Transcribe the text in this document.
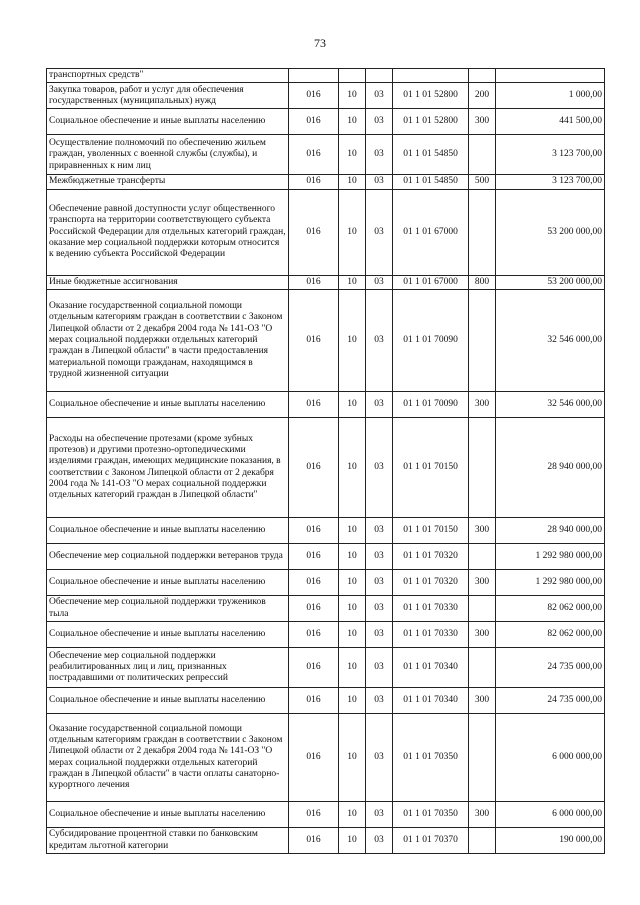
73
транспортных средств"						
Закупка товаров, работ и услуг для обеспечения государственных (муниципальных) нужд	016	10	03	01 1 01 52800	200	1 000,00
Социальное обеспечение и иные выплаты населению	016	10	03	01 1 01 52800	300	441 500,00
Осуществление полномочий по обеспечению жильем граждан, уволенных с военной службы (службы), и приравненных к ним лиц	016	10	03	01 1 01 54850		3 123 700,00
Межбюджетные трансферты	016	10	03	01 1 01 54850	500	3 123 700,00
Обеспечение равной доступности услуг общественного транспорта на территории соответствующего субъекта Российской Федерации для отдельных категорий граждан, оказание мер социальной поддержки которым относится к ведению субъекта Российской Федерации	016	10	03	01 1 01 67000		53 200 000,00
Иные бюджетные ассигнования	016	10	03	01 1 01 67000	800	53 200 000,00
Оказание государственной социальной помощи отдельным категориям граждан в соответствии с Законом Липецкой области от 2 декабря 2004 года № 141-ОЗ "О мерах социальной поддержки отдельных категорий граждан в Липецкой области" в части предоставления материальной помощи гражданам, находящимся в трудной жизненной ситуации	016	10	03	01 1 01 70090		32 546 000,00
Социальное обеспечение и иные выплаты населению	016	10	03	01 1 01 70090	300	32 546 000,00
Расходы на обеспечение протезами (кроме зубных протезов) и другими протезно-ортопедическими изделиями граждан, имеющих медицинские показания, в соответствии с Законом Липецкой области от 2 декабря 2004 года № 141-ОЗ "О мерах социальной поддержки отдельных категорий граждан в Липецкой области"	016	10	03	01 1 01 70150		28 940 000,00
Социальное обеспечение и иные выплаты населению	016	10	03	01 1 01 70150	300	28 940 000,00
Обеспечение мер социальной поддержки ветеранов труда	016	10	03	01 1 01 70320		1 292 980 000,00
Социальное обеспечение и иные выплаты населению	016	10	03	01 1 01 70320	300	1 292 980 000,00
Обеспечение мер социальной поддержки тружеников тыла	016	10	03	01 1 01 70330		82 062 000,00
Социальное обеспечение и иные выплаты населению	016	10	03	01 1 01 70330	300	82 062 000,00
Обеспечение мер социальной поддержки реабилитированных лиц и лиц, признанных пострадавшими от политических репрессий	016	10	03	01 1 01 70340		24 735 000,00
Социальное обеспечение и иные выплаты населению	016	10	03	01 1 01 70340	300	24 735 000,00
Оказание государственной социальной помощи отдельным категориям граждан в соответствии с Законом Липецкой области от 2 декабря 2004 года № 141-ОЗ "О мерах социальной поддержки отдельных категорий граждан в Липецкой области" в части оплаты санаторно-курортного лечения	016	10	03	01 1 01 70350		6 000 000,00
Социальное обеспечение и иные выплаты населению	016	10	03	01 1 01 70350	300	6 000 000,00
Субсидирование процентной ставки по банковским кредитам льготной категории	016	10	03	01 1 01 70370		190 000,00
